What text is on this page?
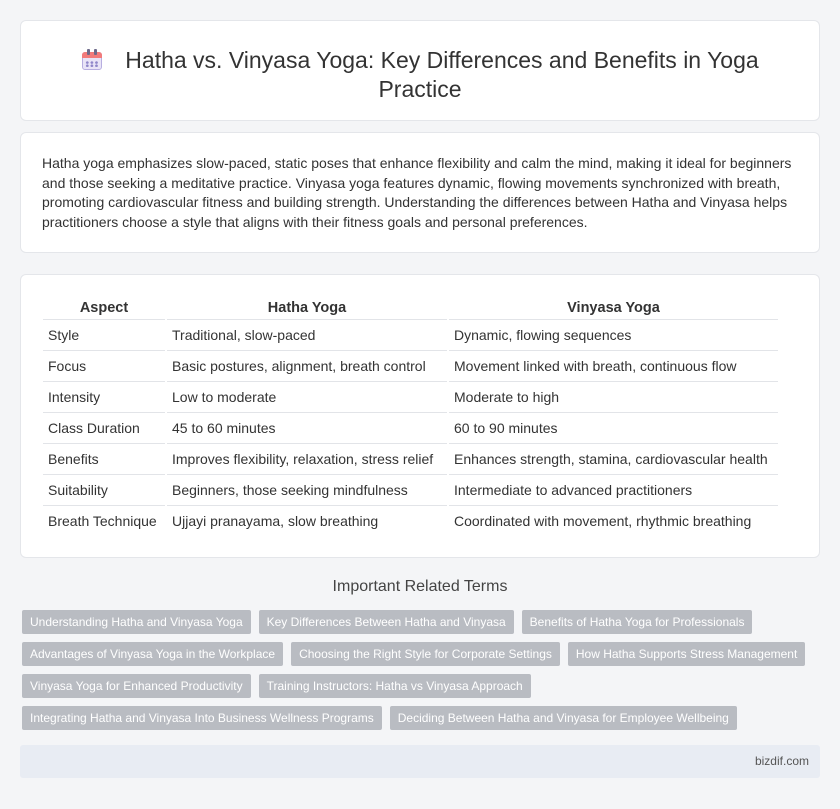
Hatha vs. Vinyasa Yoga: Key Differences and Benefits in Yoga Practice

Hatha yoga emphasizes slow-paced, static poses that enhance flexibility and calm the mind, making it ideal for beginners and those seeking a meditative practice. Vinyasa yoga features dynamic, flowing movements synchronized with breath, promoting cardiovascular fitness and building strength. Understanding the differences between Hatha and Vinyasa helps practitioners choose a style that aligns with their fitness goals and personal preferences.

Aspect	Hatha Yoga	Vinyasa Yoga
Style	Traditional, slow-paced	Dynamic, flowing sequences
Focus	Basic postures, alignment, breath control	Movement linked with breath, continuous flow
Intensity	Low to moderate	Moderate to high
Class Duration	45 to 60 minutes	60 to 90 minutes
Benefits	Improves flexibility, relaxation, stress relief	Enhances strength, stamina, cardiovascular health
Suitability	Beginners, those seeking mindfulness	Intermediate to advanced practitioners
Breath Technique	Ujjayi pranayama, slow breathing	Coordinated with movement, rhythmic breathing
Important Related Terms
Understanding Hatha and Vinyasa Yoga	Key Differences Between Hatha and Vinyasa	Benefits of Hatha Yoga for Professionals
Advantages of Vinyasa Yoga in the Workplace	Choosing the Right Style for Corporate Settings	How Hatha Supports Stress Management
Vinyasa Yoga for Enhanced Productivity	Training Instructors: Hatha vs Vinyasa Approach
Integrating Hatha and Vinyasa Into Business Wellness Programs	Deciding Between Hatha and Vinyasa for Employee Wellbeing
bizdif.com
